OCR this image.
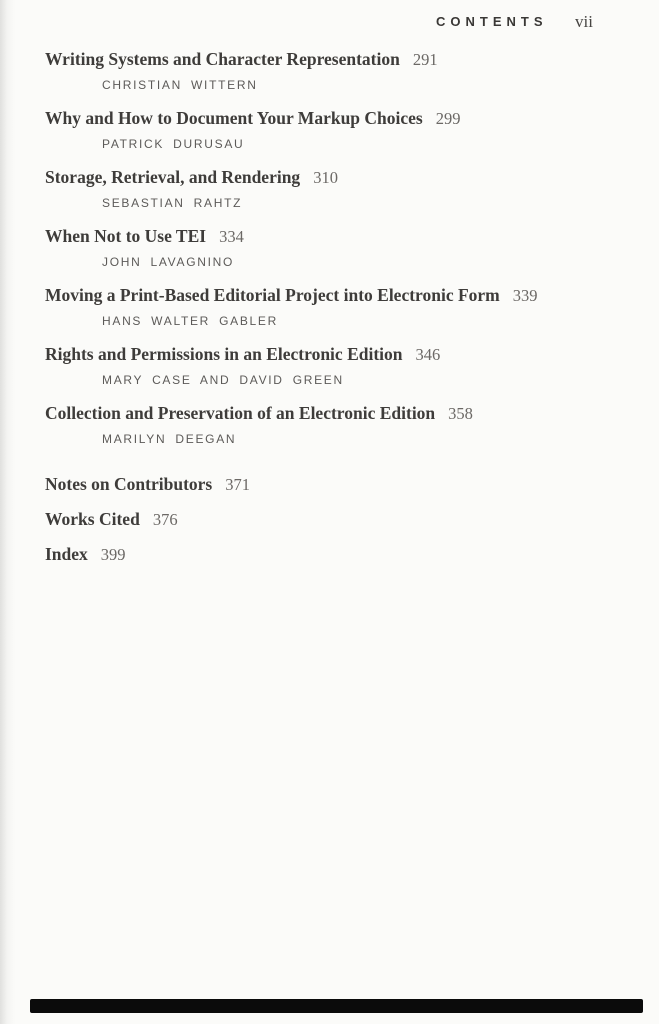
CONTENTS vii
Writing Systems and Character Representation 291
CHRISTIAN WITTERN
Why and How to Document Your Markup Choices 299
PATRICK DURUSAU
Storage, Retrieval, and Rendering 310
SEBASTIAN RAHTZ
When Not to Use TEI 334
JOHN LAVAGNINO
Moving a Print-Based Editorial Project into Electronic Form 339
HANS WALTER GABLER
Rights and Permissions in an Electronic Edition 346
MARY CASE AND DAVID GREEN
Collection and Preservation of an Electronic Edition 358
MARILYN DEEGAN
Notes on Contributors 371
Works Cited 376
Index 399
